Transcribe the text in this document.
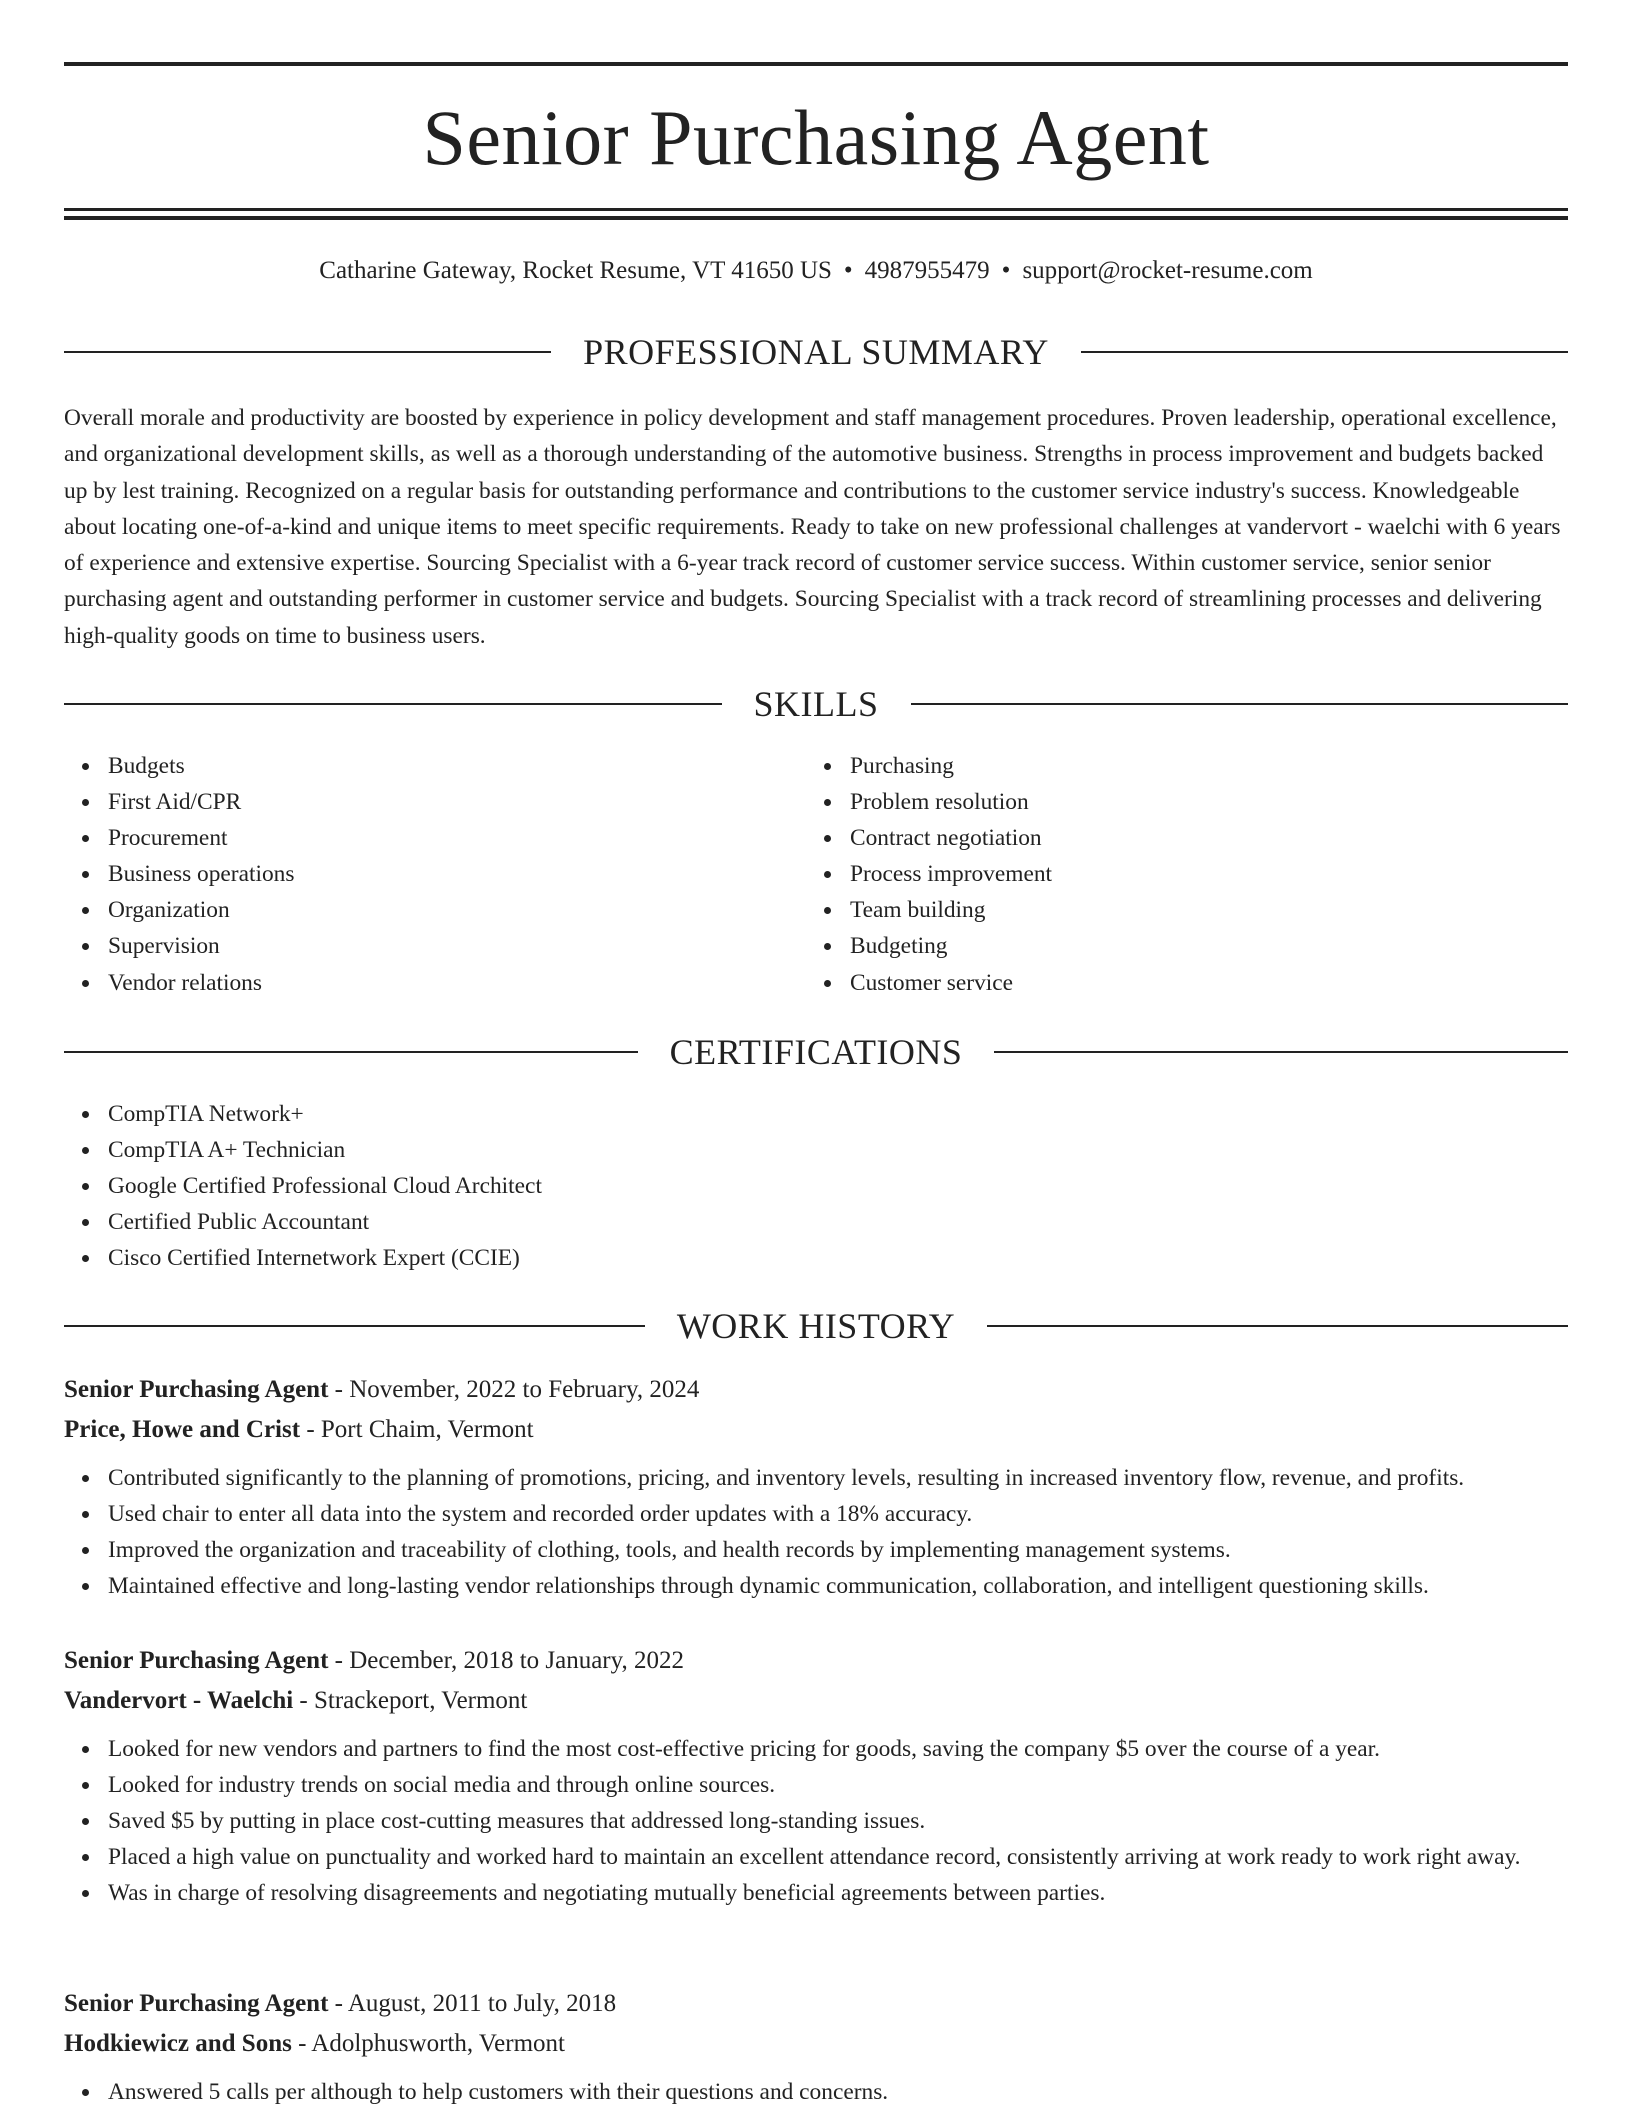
Senior Purchasing Agent
Catharine Gateway, Rocket Resume, VT 41650 US • 4987955479 • support@rocket-resume.com
PROFESSIONAL SUMMARY

Overall morale and productivity are boosted by experience in policy development and staff management procedures. Proven leadership, operational excellence, and organizational development skills, as well as a thorough understanding of the automotive business. Strengths in process improvement and budgets backed up by lest training. Recognized on a regular basis for outstanding performance and contributions to the customer service industry's success. Knowledgeable about locating one-of-a-kind and unique items to meet specific requirements. Ready to take on new professional challenges at vandervort - waelchi with 6 years of experience and extensive expertise. Sourcing Specialist with a 6-year track record of customer service success. Within customer service, senior senior purchasing agent and outstanding performer in customer service and budgets. Sourcing Specialist with a track record of streamlining processes and delivering high-quality goods on time to business users.

SKILLS
Budgets
First Aid/CPR
Procurement
Business operations
Organization
Supervision
Vendor relations
Purchasing
Problem resolution
Contract negotiation
Process improvement
Team building
Budgeting
Customer service
CERTIFICATIONS
CompTIA Network+
CompTIA A+ Technician
Google Certified Professional Cloud Architect
Certified Public Accountant
Cisco Certified Internetwork Expert (CCIE)
WORK HISTORY
Senior Purchasing Agent - November, 2022 to February, 2024
Price, Howe and Crist - Port Chaim, Vermont
Contributed significantly to the planning of promotions, pricing, and inventory levels, resulting in increased inventory flow, revenue, and profits.
Used chair to enter all data into the system and recorded order updates with a 18% accuracy.
Improved the organization and traceability of clothing, tools, and health records by implementing management systems.
Maintained effective and long-lasting vendor relationships through dynamic communication, collaboration, and intelligent questioning skills.
Senior Purchasing Agent - December, 2018 to January, 2022
Vandervort - Waelchi - Strackeport, Vermont
Looked for new vendors and partners to find the most cost-effective pricing for goods, saving the company $5 over the course of a year.
Looked for industry trends on social media and through online sources.
Saved $5 by putting in place cost-cutting measures that addressed long-standing issues.
Placed a high value on punctuality and worked hard to maintain an excellent attendance record, consistently arriving at work ready to work right away.
Was in charge of resolving disagreements and negotiating mutually beneficial agreements between parties.
Senior Purchasing Agent - August, 2011 to July, 2018
Hodkiewicz and Sons - Adolphusworth, Vermont
Answered 5 calls per although to help customers with their questions and concerns.
